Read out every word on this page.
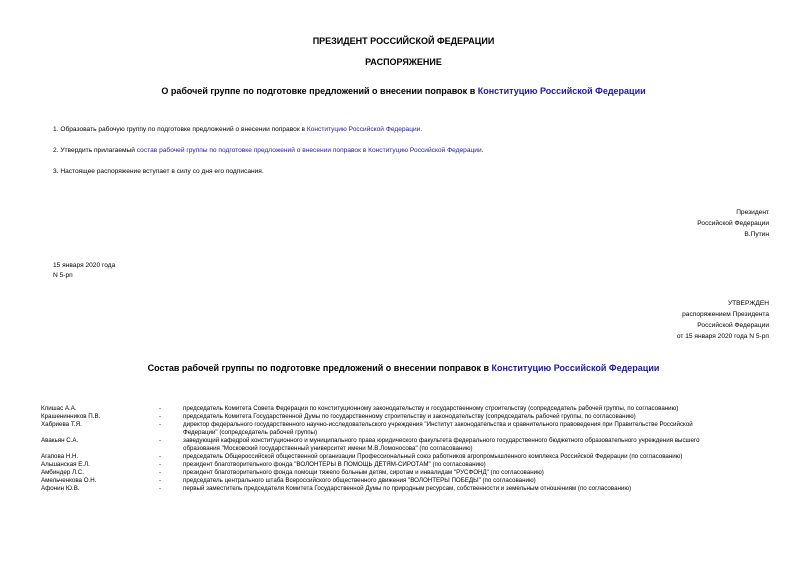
ПРЕЗИДЕНТ РОССИЙСКОЙ ФЕДЕРАЦИИ
РАСПОРЯЖЕНИЕ
О рабочей группе по подготовке предложений о внесении поправок в Конституцию Российской Федерации
1. Образовать рабочую группу по подготовке предложений о внесении поправок в Конституцию Российской Федерации.
2. Утвердить прилагаемый состав рабочей группы по подготовке предложений о внесении поправок в Конституцию Российской Федерации.
3. Настоящее распоряжение вступает в силу со дня его подписания.
Президент
Российской Федерации
В.Путин
15 января 2020 года
N 5-рп
УТВЕРЖДЕН
распоряжением Президента
Российской Федерации
от 15 января 2020 года N 5-рп
Состав рабочей группы по подготовке предложений о внесении поправок в Конституцию Российской Федерации
Клишас А.А.	-	председатель Комитета Совета Федерации по конституционному законодательству и государственному строительству (сопредседатель рабочей группы, по согласованию)
Крашенинников П.В.	-	председатель Комитета Государственной Думы по государственному строительству и законодательству (сопредседатель рабочей группы, по согласованию)
Хабриева Т.Я.	-	директор федерального государственного научно-исследовательского учреждения "Институт законодательства и сравнительного правоведения при Правительстве Российской Федерации" (сопредседатель рабочей группы)
Авакьян С.А.	-	заведующий кафедрой конституционного и муниципального права юридического факультета федерального государственного бюджетного образовательного учреждения высшего образования "Московский государственный университет имени М.В.Ломоносова" (по согласованию)
Агапова Н.Н.	-	председатель Общероссийской общественной организации Профессиональный союз работников агропромышленного комплекса Российской Федерации (по согласованию)
Альшанская Е.Л.	-	президент благотворительного фонда "ВОЛОНТЕРЫ В ПОМОЩЬ ДЕТЯМ-СИРОТАМ" (по согласованию)
Амбиндер Л.С.	-	президент благотворительного фонда помощи тяжело больным детям, сиротам и инвалидам "РУСФОНД" (по согласованию)
Амельченкова О.Н.	-	председатель центрального штаба Всероссийского общественного движения "ВОЛОНТЕРЫ ПОБЕДЫ" (по согласованию)
Афонин Ю.В.	-	первый заместитель председателя Комитета Государственной Думы по природным ресурсам, собственности и земельным отношениям (по согласованию)
